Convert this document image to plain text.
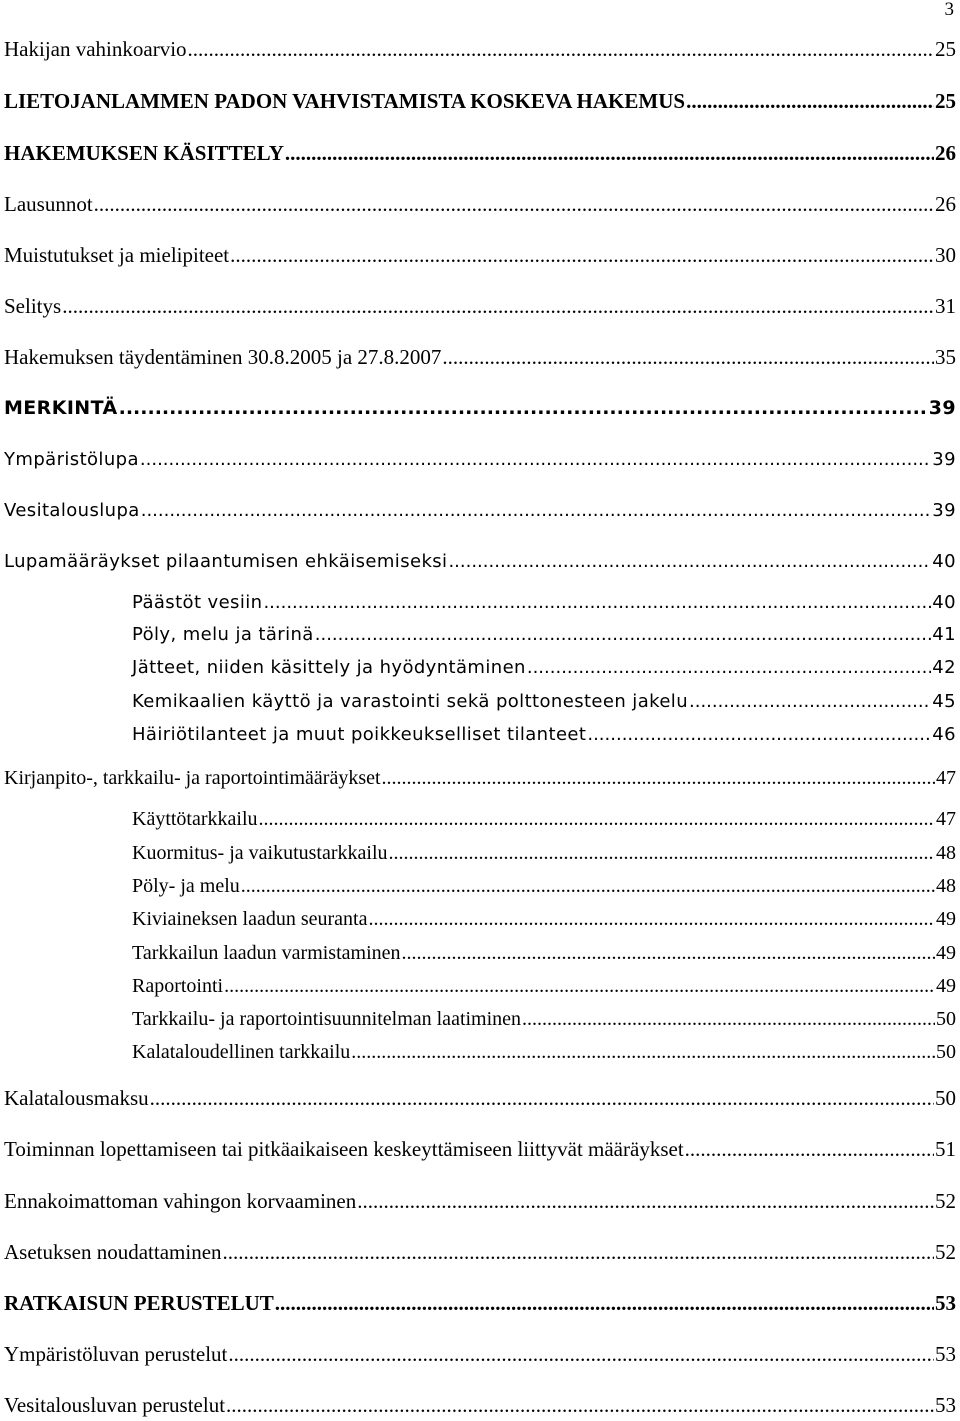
3
Hakijan vahinkoarvio .....	25
LIETOJANLAMMEN PADON VAHVISTAMISTA KOSKEVA HAKEMUS .....	25
HAKEMUKSEN KÄSITTELY .....	26
Lausunnot .....	26
Muistutukset ja mielipiteet .....	30
Selitys .....	31
Hakemuksen täydentäminen 30.8.2005 ja 27.8.2007 .....	35
MERKINTÄ .....	39
Ympäristölupa .....	39
Vesitalouslupa .....	39
Lupamääräykset pilaantumisen ehkäisemiseksi .....	40
Päästöt vesiin .....	40
Pöly, melu ja tärinä .....	41
Jätteet, niiden käsittely ja hyödyntäminen .....	42
Kemikaalien käyttö ja varastointi sekä polttonesteen jakelu .....	45
Häiriötilanteet ja muut poikkeukselliset tilanteet .....	46
Kirjanpito-, tarkkailu- ja raportointimääräykset .....	47
Käyttötarkkailu .....	47
Kuormitus- ja vaikutustarkkailu .....	48
Pöly- ja melu .....	48
Kiviaineksen laadun seuranta .....	49
Tarkkailun laadun varmistaminen .....	49
Raportointi .....	49
Tarkkailu- ja raportointisuunnitelman laatiminen .....	50
Kalataloudellinen tarkkailu .....	50
Kalatalousmaksu .....	50
Toiminnan lopettamiseen tai pitkäaikaiseen keskeyttämiseen liittyvät määräykset .....	51
Ennakoimattoman vahingon korvaaminen .....	52
Asetuksen noudattaminen .....	52
RATKAISUN PERUSTELUT .....	53
Ympäristöluvan perustelut .....	53
Vesitalousluvan perustelut .....	53
